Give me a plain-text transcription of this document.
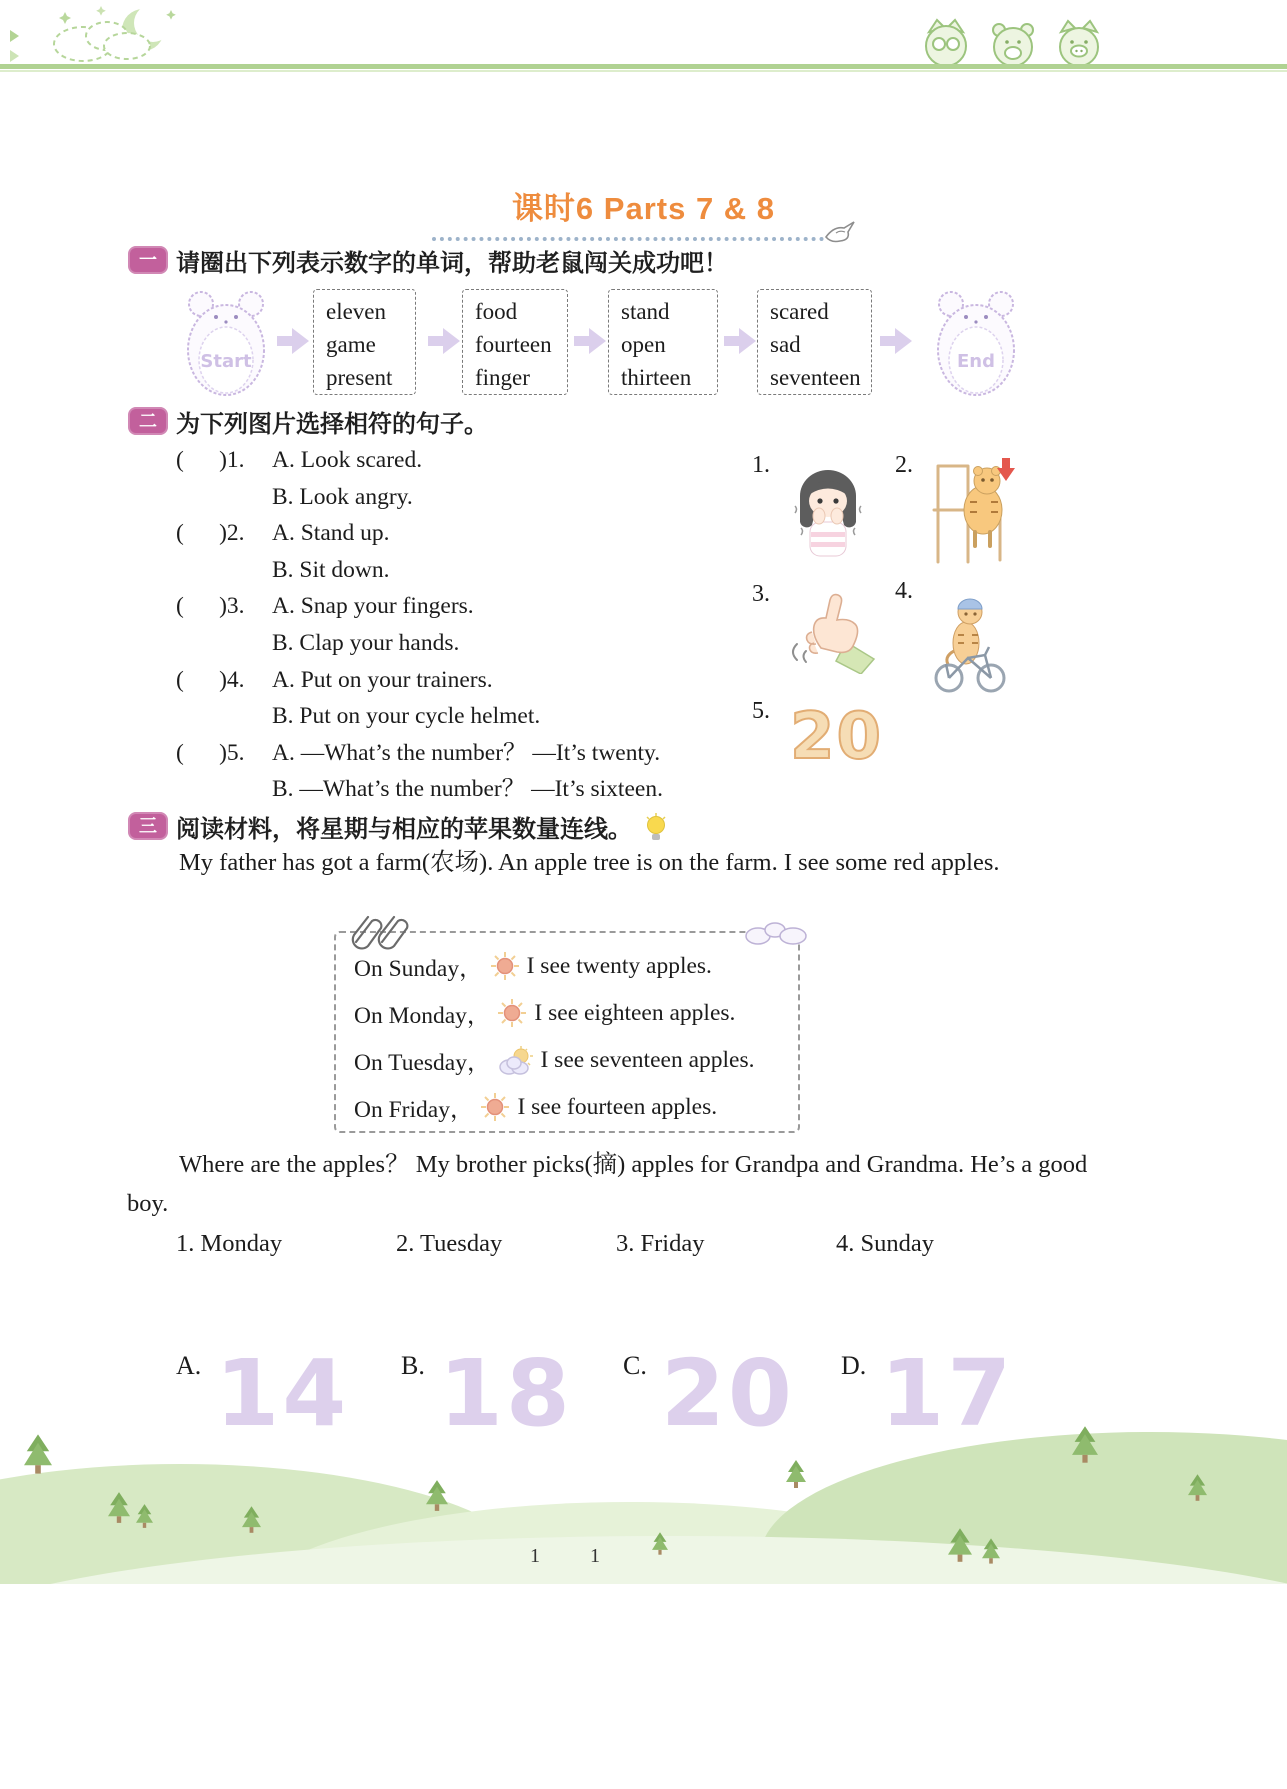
课时6 Parts 7 & 8
一 请圈出下列表示数字的单词，帮助老鼠闯关成功吧！
Start
eleven
game
present
food
fourteen
finger
stand
open
thirteen
scared
sad
seventeen
End
二 为下列图片选择相符的句子。
(      )1. A. Look scared.
B. Look angry.
(      )2. A. Stand up.
B. Sit down.
(      )3. A. Snap your fingers.
B. Clap your hands.
(      )4. A. Put on your trainers.
B. Put on your cycle helmet.
(      )5. A. —What’s the number？ —It’s twenty.
B. —What’s the number？ —It’s sixteen.
1.	2.
3.	4.
5. 20
三 阅读材料，将星期与相应的苹果数量连线。
My father has got a farm(农场). An apple tree is on the farm. I see some red apples.
On Sunday， I see twenty apples.
On Monday， I see eighteen apples.
On Tuesday， I see seventeen apples.
On Friday， I see fourteen apples.
Where are the apples？ My brother picks(摘) apples for Grandpa and Grandma. He’s a good boy.
1. Monday	2. Tuesday	3. Friday	4. Sunday
A. 14 B. 18 C. 20 D. 17
1	1
